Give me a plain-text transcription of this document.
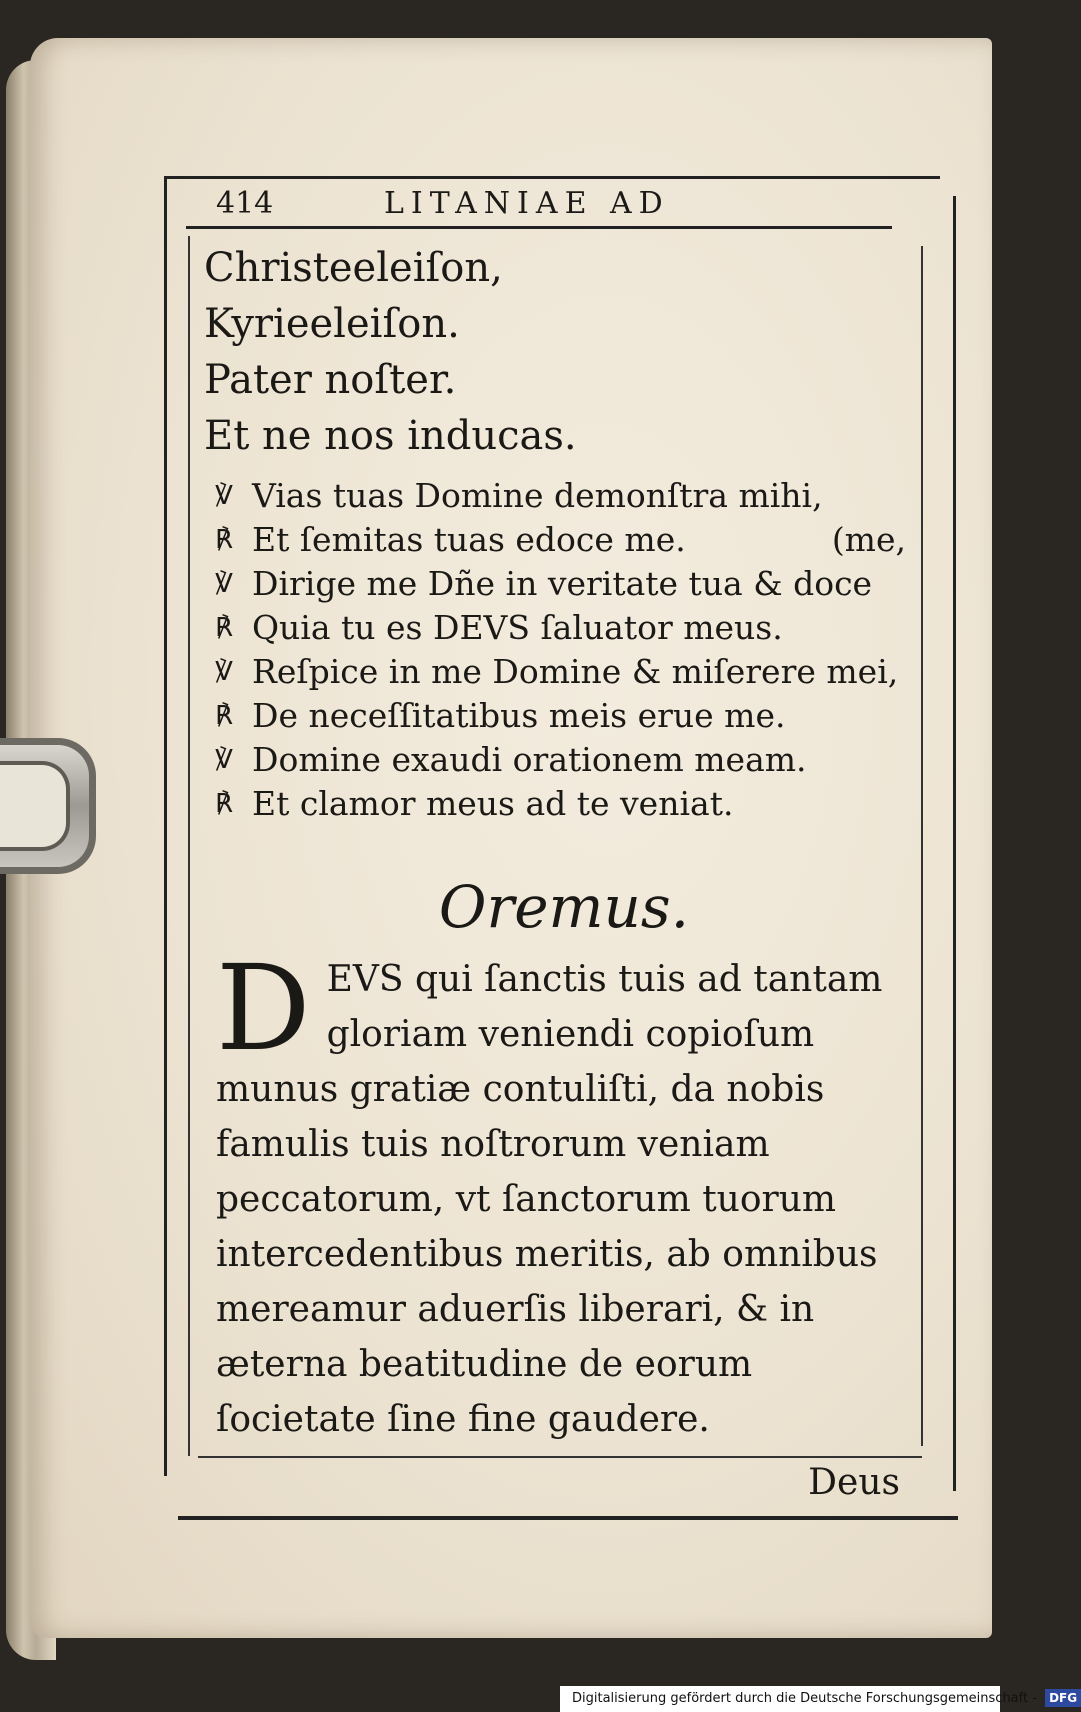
414	LITANIAE AD
Christeeleiſon,
Kyrieeleiſon.
Pater noſter.
Et ne nos inducas.
℣ Vias tuas Domine demonſtra mihi,
℟ Et ſemitas tuas edoce me.	(me,
℣ Dirige me Dñe in veritate tua & doce
℟ Quia tu es DEVS ſaluator meus.
℣ Reſpice in me Domine & miſerere mei,
℟ De neceſſitatibus meis erue me.
℣ Domine exaudi orationem meam.
℟ Et clamor meus ad te veniat.
Oremus.
D EVS qui ſanctis tuis ad tantam gloriam veniendi copioſum munus gratiæ contuliſti, da nobis famulis tuis noſtrorum veniam peccatorum, vt ſanctorum tuorum intercedentibus meritis, ab omnibus mereamur aduerſis liberari, & in æterna beatitudine de eorum ſocietate ſine fine gaudere.
Deus
Digitalisierung gefördert durch die Deutsche Forschungsgemeinschaft - DFG
